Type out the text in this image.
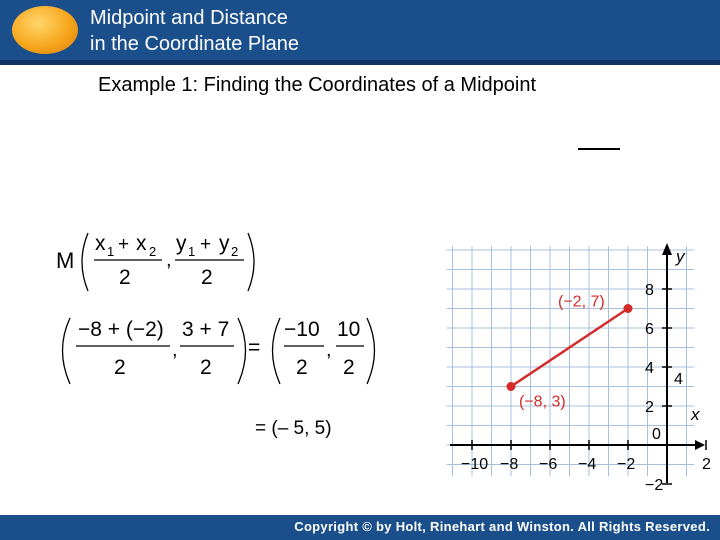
Midpoint and Distance
in the Coordinate Plane
Example 1: Finding the Coordinates of a Midpoint
M
x 1 + x 2
2
,
y 1 + y 2
2
−8 + (−2)
2
,
3 + 7
2
=
−10
2
,
10
2
= (– 5, 5)
−10 −8 −6 −4 −2
0
2
8
6
4
2
−2
x
y
4
(−2, 7)
(−8, 3)
Copyright © by Holt, Rinehart and Winston. All Rights Reserved.
